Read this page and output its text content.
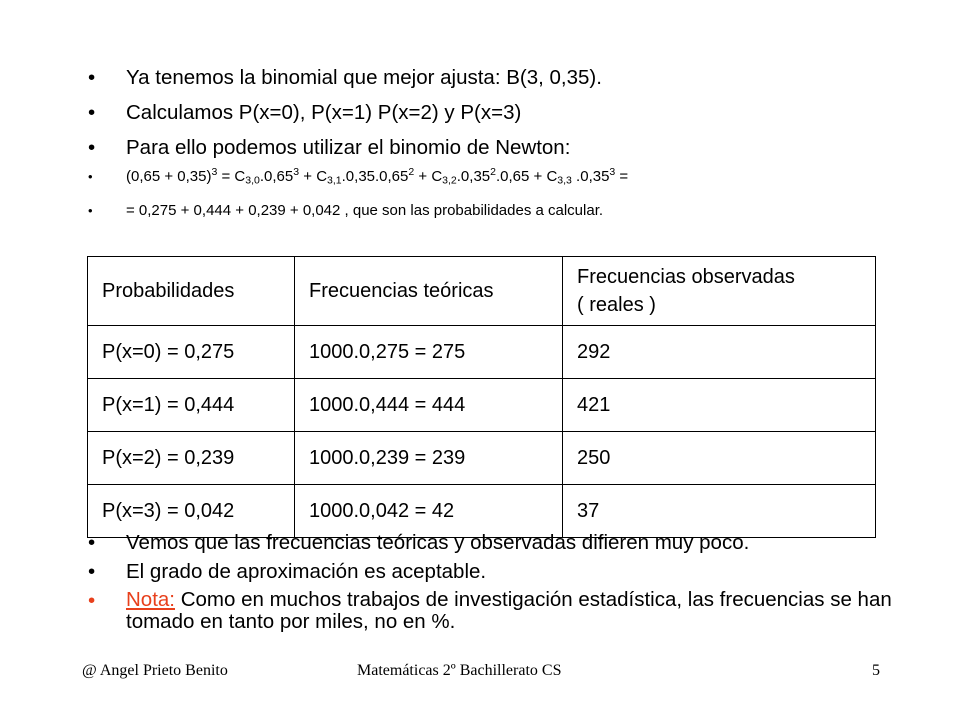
• Ya tenemos la binomial que mejor ajusta: B(3, 0,35).
• Calculamos P(x=0), P(x=1) P(x=2) y P(x=3)
• Para ello podemos utilizar el binomio de Newton:
• $(0,65 + 0,35)^3 = C_{3,0}.0,65^3 + C_{3,1}.0,35.0,65^2 + C_{3,2}.0,35^2.0,65 + C_{3,3}$ $.0,35^3$ =
• = 0,275 + 0,444 + 0,239 + 0,042 , que son las probabilidades a calcular.
Probabilidades	Frecuencias teóricas	Frecuencias observadas
( reales )
P(x=0) = 0,275	1000.0,275 = 275	292
P(x=1) = 0,444	1000.0,444 = 444	421
P(x=2) = 0,239	1000.0,239 = 239	250
P(x=3) = 0,042	1000.0,042 = 42	37
• Vemos que las frecuencias teóricas y observadas difieren muy poco.
• El grado de aproximación es aceptable.
• Nota: Como en muchos trabajos de investigación estadística, las frecuencias se han tomado en tanto por miles, no en %.
@ Angel Prieto Benito	Matemáticas 2º Bachillerato CS	5
